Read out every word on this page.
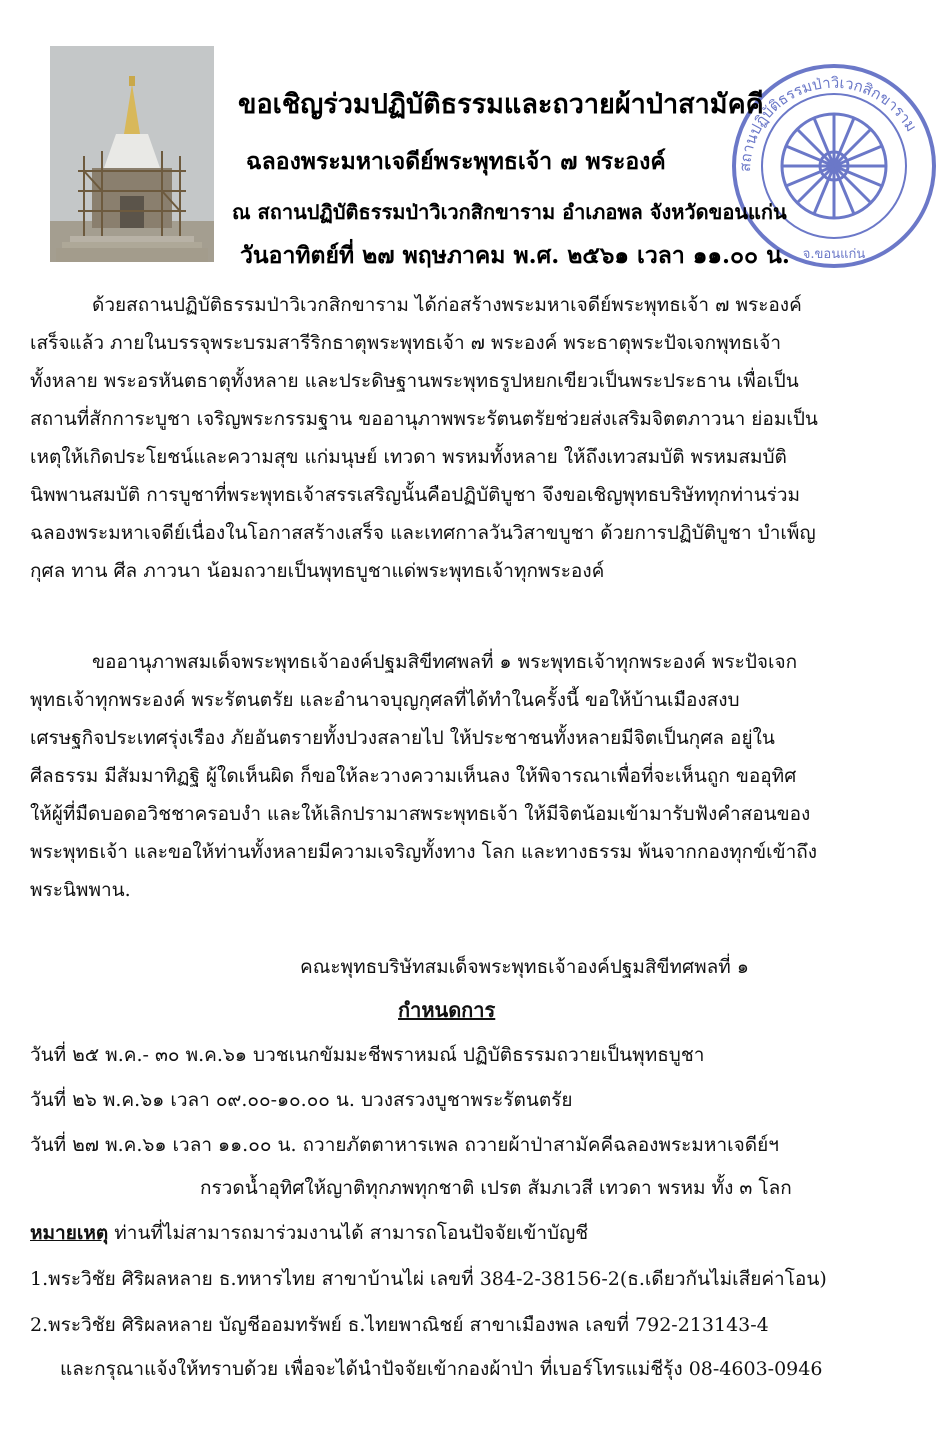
สถานปฏิบัติธรรมป่าวิเวกสิกขาราม
จ.ขอนแก่น
ขอเชิญร่วมปฏิบัติธรรมและถวายผ้าป่าสามัคคี
ฉลองพระมหาเจดีย์พระพุทธเจ้า ๗ พระองค์
ณ สถานปฏิบัติธรรมป่าวิเวกสิกขาราม อำเภอพล จังหวัดขอนแก่น
วันอาทิตย์ที่ ๒๗ พฤษภาคม พ.ศ. ๒๕๖๑ เวลา ๑๑.๐๐ น.
ด้วยสถานปฏิบัติธรรมป่าวิเวกสิกขาราม ได้ก่อสร้างพระมหาเจดีย์พระพุทธเจ้า ๗ พระองค์
เสร็จแล้ว ภายในบรรจุพระบรมสารีริกธาตุพระพุทธเจ้า ๗ พระองค์ พระธาตุพระปัจเจกพุทธเจ้า
ทั้งหลาย พระอรหันตธาตุทั้งหลาย และประดิษฐานพระพุทธรูปหยกเขียวเป็นพระประธาน เพื่อเป็น
สถานที่สักการะบูชา เจริญพระกรรมฐาน ขออานุภาพพระรัตนตรัยช่วยส่งเสริมจิตตภาวนา ย่อมเป็น
เหตุให้เกิดประโยชน์และความสุข แก่มนุษย์ เทวดา พรหมทั้งหลาย ให้ถึงเทวสมบัติ พรหมสมบัติ
นิพพานสมบัติ การบูชาที่พระพุทธเจ้าสรรเสริญนั้นคือปฏิบัติบูชา จึงขอเชิญพุทธบริษัททุกท่านร่วม
ฉลองพระมหาเจดีย์เนื่องในโอกาสสร้างเสร็จ และเทศกาลวันวิสาขบูชา ด้วยการปฏิบัติบูชา บำเพ็ญ
กุศล ทาน ศีล ภาวนา น้อมถวายเป็นพุทธบูชาแด่พระพุทธเจ้าทุกพระองค์
ขออานุภาพสมเด็จพระพุทธเจ้าองค์ปฐมสิขีทศพลที่ ๑ พระพุทธเจ้าทุกพระองค์ พระปัจเจก
พุทธเจ้าทุกพระองค์ พระรัตนตรัย และอำนาจบุญกุศลที่ได้ทำในครั้งนี้ ขอให้บ้านเมืองสงบ
เศรษฐกิจประเทศรุ่งเรือง ภัยอันตรายทั้งปวงสลายไป ให้ประชาชนทั้งหลายมีจิตเป็นกุศล อยู่ใน
ศีลธรรม มีสัมมาทิฏฐิ ผู้ใดเห็นผิด ก็ขอให้ละวางความเห็นลง ให้พิจารณาเพื่อที่จะเห็นถูก ขออุทิศ
ให้ผู้ที่มืดบอดอวิชชาครอบงำ และให้เลิกปรามาสพระพุทธเจ้า ให้มีจิตน้อมเข้ามารับฟังคำสอนของ
พระพุทธเจ้า และขอให้ท่านทั้งหลายมีความเจริญทั้งทาง โลก และทางธรรม พ้นจากกองทุกข์เข้าถึง
พระนิพพาน.
คณะพุทธบริษัทสมเด็จพระพุทธเจ้าองค์ปฐมสิขีทศพลที่ ๑
กำหนดการ
วันที่ ๒๕ พ.ค.- ๓๐ พ.ค.๖๑ บวชเนกขัมมะชีพราหมณ์ ปฏิบัติธรรมถวายเป็นพุทธบูชา
วันที่ ๒๖ พ.ค.๖๑ เวลา ๐๙.๐๐-๑๐.๐๐ น. บวงสรวงบูชาพระรัตนตรัย
วันที่ ๒๗ พ.ค.๖๑ เวลา ๑๑.๐๐ น. ถวายภัตตาหารเพล ถวายผ้าป่าสามัคคีฉลองพระมหาเจดีย์ฯ
กรวดน้ำอุทิศให้ญาติทุกภพทุกชาติ เปรต สัมภเวสี เทวดา พรหม ทั้ง ๓ โลก
หมายเหตุ ท่านที่ไม่สามารถมาร่วมงานได้ สามารถโอนปัจจัยเข้าบัญชี
1.พระวิชัย ศิริผลหลาย ธ.ทหารไทย สาขาบ้านไผ่ เลขที่ 384-2-38156-2(ธ.เดียวกันไม่เสียค่าโอน)
2.พระวิชัย ศิริผลหลาย บัญชีออมทรัพย์ ธ.ไทยพาณิชย์ สาขาเมืองพล เลขที่ 792-213143-4
และกรุณาแจ้งให้ทราบด้วย เพื่อจะได้นำปัจจัยเข้ากองผ้าป่า ที่เบอร์โทรแม่ชีรุ้ง 08-4603-0946
